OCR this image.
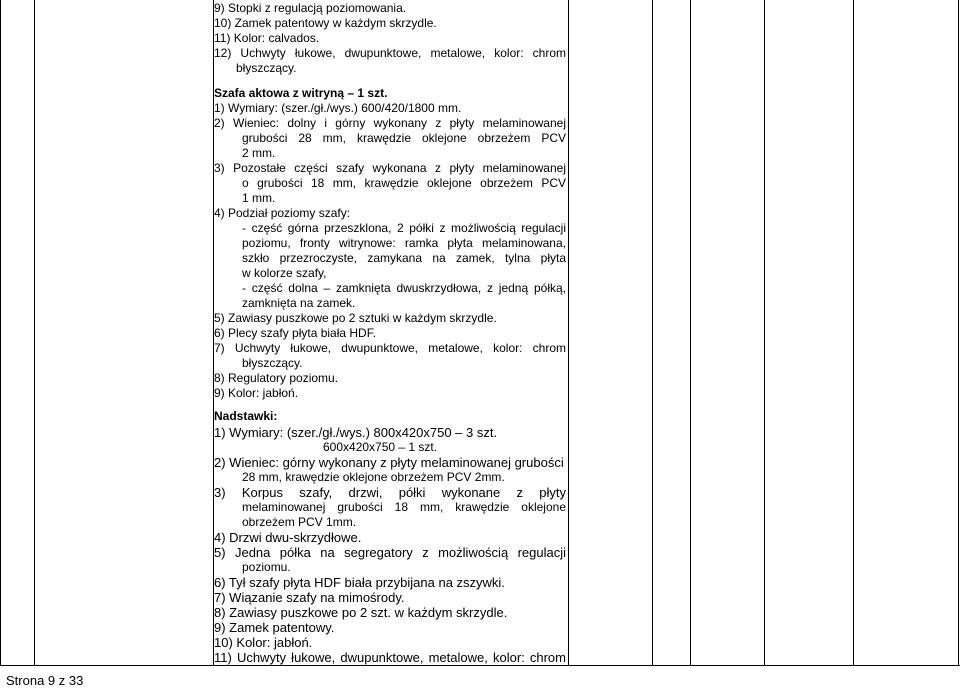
9) Stopki z regulacją poziomowania.
10) Zamek patentowy w każdym skrzydle.
11) Kolor: calvados.
12) Uchwyty łukowe, dwupunktowe, metalowe, kolor: chrom
błyszczący.
Szafa aktowa z witryną – 1 szt.
1) Wymiary: (szer./gł./wys.) 600/420/1800 mm.
2) Wieniec: dolny i górny wykonany z płyty melaminowanej
grubości 28 mm, krawędzie oklejone obrzeżem PCV
2 mm.
3) Pozostałe części szafy wykonana z płyty melaminowanej
o grubości 18 mm, krawędzie oklejone obrzeżem PCV
1 mm.
4) Podział poziomy szafy:
- część górna przeszklona, 2 półki z możliwością regulacji
poziomu, fronty witrynowe: ramka płyta melaminowana,
szkło przezroczyste, zamykana na zamek, tylna płyta
w kolorze szafy,
- część dolna – zamknięta dwuskrzydłowa, z jedną półką,
zamknięta na zamek.
5) Zawiasy puszkowe po 2 sztuki w każdym skrzydle.
6) Plecy szafy płyta biała HDF.
7) Uchwyty łukowe, dwupunktowe, metalowe, kolor: chrom
błyszczący.
8) Regulatory poziomu.
9) Kolor: jabłoń.
Nadstawki:
1) Wymiary: (szer./gł./wys.) 800x420x750 – 3 szt.
600x420x750 – 1 szt.
2) Wieniec: górny wykonany z płyty melaminowanej grubości
28 mm, krawędzie oklejone obrzeżem PCV 2mm.
3) Korpus szafy, drzwi, półki wykonane z płyty
melaminowanej grubości 18 mm, krawędzie oklejone
obrzeżem PCV 1mm.
4) Drzwi dwu-skrzydłowe.
5) Jedna półka na segregatory z możliwością regulacji
poziomu.
6) Tył szafy płyta HDF biała przybijana na zszywki.
7) Wiązanie szafy na mimośrody.
8) Zawiasy puszkowe po 2 szt. w każdym skrzydle.
9) Zamek patentowy.
10) Kolor: jabłoń.
11) Uchwyty łukowe, dwupunktowe, metalowe, kolor: chrom
Strona 9 z 33
